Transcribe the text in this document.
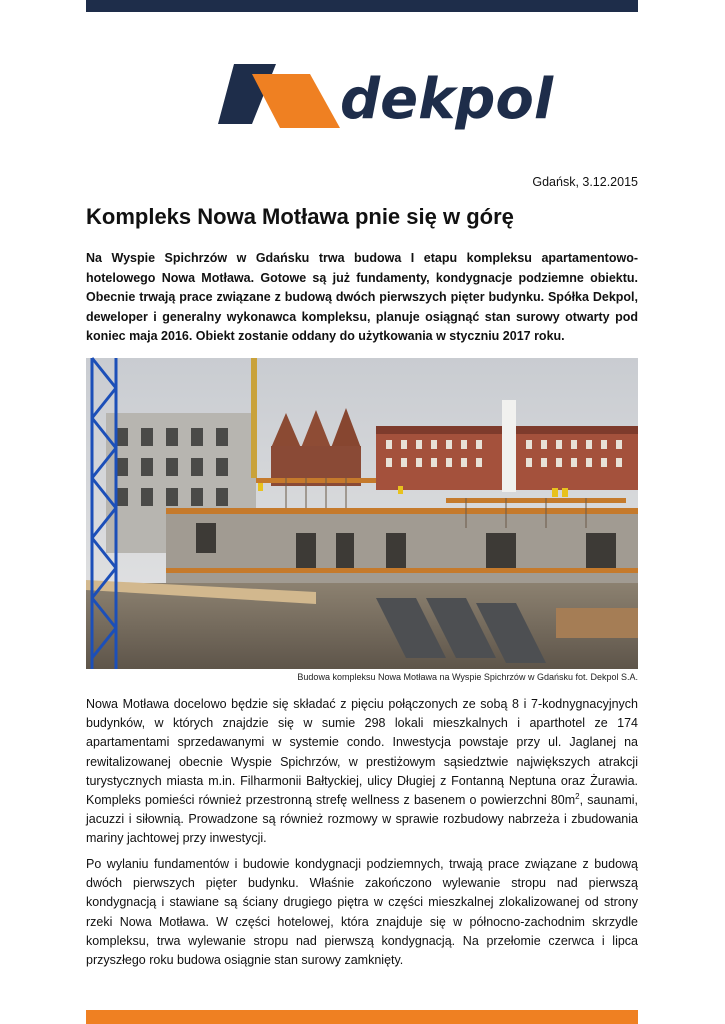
dekpol
Gdańsk, 3.12.2015
Kompleks Nowa Motława pnie się w górę

Na Wyspie Spichrzów w Gdańsku trwa budowa I etapu kompleksu apartamentowo-hotelowego Nowa Motława. Gotowe są już fundamenty, kondygnacje podziemne obiektu. Obecnie trwają prace związane z budową dwóch pierwszych pięter budynku. Spółka Dekpol, deweloper i generalny wykonawca kompleksu, planuje osiągnąć stan surowy otwarty pod koniec maja 2016. Obiekt zostanie oddany do użytkowania w styczniu 2017 roku.

Budowa kompleksu Nowa Motława na Wyspie Spichrzów w Gdańsku fot. Dekpol S.A.

Nowa Motława docelowo będzie się składać z pięciu połączonych ze sobą 8 i 7-kodnygnacyjnych budynków, w których znajdzie się w sumie 298 lokali mieszkalnych i aparthotel ze 174 apartamentami sprzedawanymi w systemie condo. Inwestycja powstaje przy ul. Jaglanej na rewitalizowanej obecnie Wyspie Spichrzów, w prestiżowym sąsiedztwie największych atrakcji turystycznych miasta m.in. Filharmonii Bałtyckiej, ulicy Długiej z Fontanną Neptuna oraz Żurawia. Kompleks pomieści również przestronną strefę wellness z basenem o powierzchni $80m^2$, saunami, jacuzzi i siłownią. Prowadzone są również rozmowy w sprawie rozbudowy nabrzeża i zbudowania mariny jachtowej przy inwestycji.

Po wylaniu fundamentów i budowie kondygnacji podziemnych, trwają prace związane z budową dwóch pierwszych pięter budynku. Właśnie zakończono wylewanie stropu nad pierwszą kondygnacją i stawiane są ściany drugiego piętra w części mieszkalnej zlokalizowanej od strony rzeki Nowa Motława. W części hotelowej, która znajduje się w północno-zachodnim skrzydle kompleksu, trwa wylewanie stropu nad pierwszą kondygnacją. Na przełomie czerwca i lipca przyszłego roku budowa osiągnie stan surowy zamknięty.
